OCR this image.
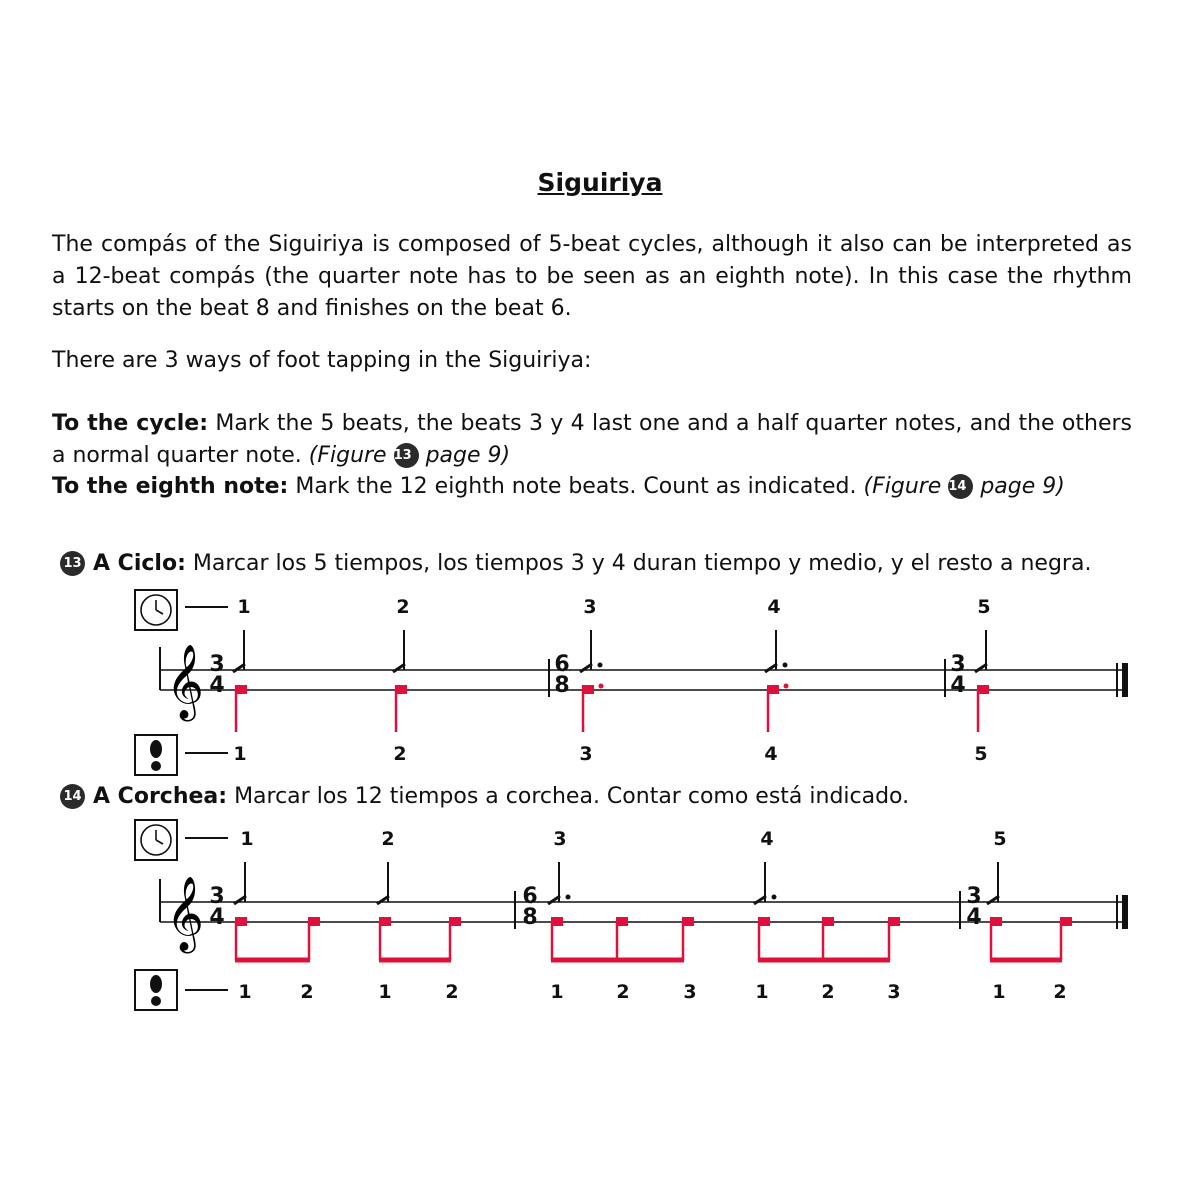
Siguiriya
The compás of the Siguiriya is composed of 5-beat cycles, although it also can be interpreted as a 12-beat compás (the quarter note has to be seen as an eighth note). In this case the rhythm starts on the beat 8 and finishes on the beat 6.
There are 3 ways of foot tapping in the Siguiriya:
To the cycle: Mark the 5 beats, the beats 3 y 4 last one and a half quarter notes, and the others a normal quarter note. (Figure 13 page 9)
To the eighth note: Mark the 12 eighth note beats. Count as indicated. (Figure 14 page 9)
13 A Ciclo: Marcar los 5 tiempos, los tiempos 3 y 4 duran tiempo y medio, y el resto a negra.
14 A Corchea: Marcar los 12 tiempos a corchea. Contar como está indicado.
𝄞 3
4
6
8
3
4
1	2	3	4	5
1	2	3	4	5
𝄞 3
4
6
8
3
4
1	2	3	4	5
1	2	1	2	1	2	3	1	2	3	1	2
